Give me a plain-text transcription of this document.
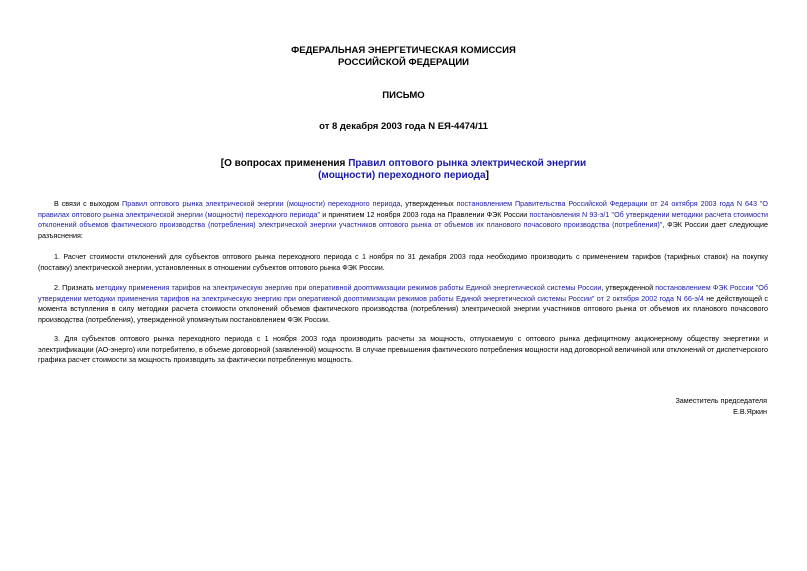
ФЕДЕРАЛЬНАЯ ЭНЕРГЕТИЧЕСКАЯ КОМИССИЯ
РОССИЙСКОЙ ФЕДЕРАЦИИ
ПИСЬМО
от 8 декабря 2003 года N ЕЯ-4474/11
[О вопросах применения Правил оптового рынка электрической энергии (мощности) переходного периода]
В связи с выходом Правил оптового рынка электрической энергии (мощности) переходного периода, утвержденных постановлением Правительства Российской Федерации от 24 октября 2003 года N 643 "О правилах оптового рынка электрической энергии (мощности) переходного периода" и принятием 12 ноября 2003 года на Правлении ФЭК России постановления N 93-э/1 "Об утверждении методики расчета стоимости отклонений объемов фактического производства (потребления) электрической энергии участников оптового рынка от объемов их планового почасового производства (потребления)", ФЭК России дает следующие разъяснения:
1. Расчет стоимости отклонений для субъектов оптового рынка переходного периода с 1 ноября по 31 декабря 2003 года необходимо производить с применением тарифов (тарифных ставок) на покупку (поставку) электрической энергии, установленных в отношении субъектов оптового рынка ФЭК России.
2. Признать методику применения тарифов на электрическую энергию при оперативной доoптимизации режимов работы Единой энергетической системы России, утвержденной постановлением ФЭК России "Об утверждении методики применения тарифов на электрическую энергию при оперативной доoптимизации режимов работы Единой энергетической системы России" от 2 октября 2002 года N 66-э/4 не действующей с момента вступления в силу методики расчета стоимости отклонений объемов фактического производства (потребления) электрической энергии участников оптового рынка от объемов их планового почасового производства (потребления), утвержденной упомянутым постановлением ФЭК России.
3. Для субъектов оптового рынка переходного периода с 1 ноября 2003 года производить расчеты за мощность, отпускаемую с оптового рынка дефицитному акционерному обществу энергетики и электрификации (АО-энерго) или потребителю, в объеме договорной (заявленной) мощности. В случае превышения фактического потребления мощности над договорной величиной или отклонений от диспетчерского графика расчет стоимости за мощность производить за фактически потребленную мощность.
Заместитель председателя
Е.В.Яркин
